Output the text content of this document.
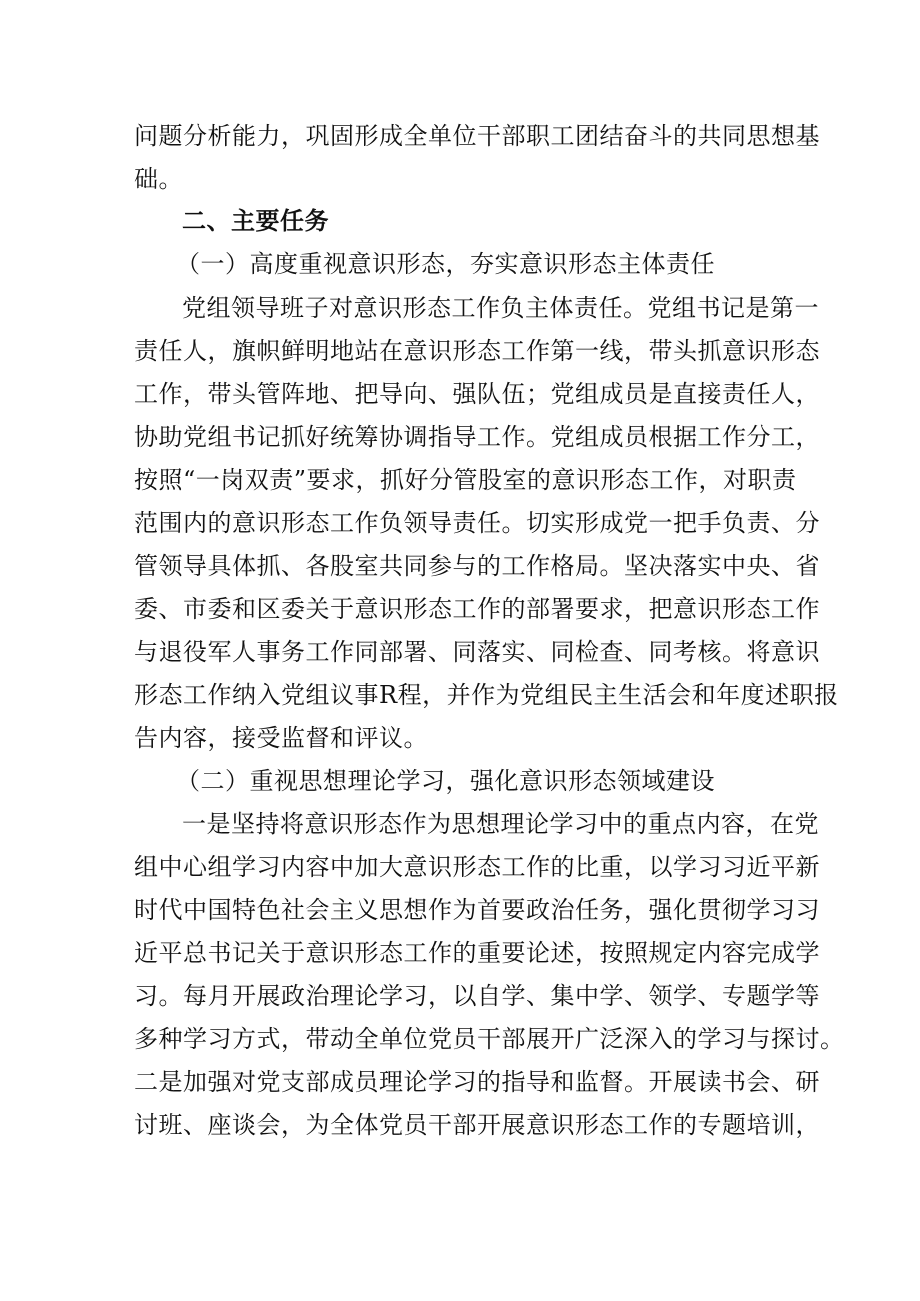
问题分析能力，巩固形成全单位干部职工团结奋斗的共同思想基
础。
二、主要任务
（一）高度重视意识形态，夯实意识形态主体责任
党组领导班子对意识形态工作负主体责任。党组书记是第一
责任人，旗帜鲜明地站在意识形态工作第一线，带头抓意识形态
工作，带头管阵地、把导向、强队伍；党组成员是直接责任人，
协助党组书记抓好统筹协调指导工作。党组成员根据工作分工，
按照“一岗双责”要求，抓好分管股室的意识形态工作，对职责
范围内的意识形态工作负领导责任。切实形成党一把手负责、分
管领导具体抓、各股室共同参与的工作格局。坚决落实中央、省
委、市委和区委关于意识形态工作的部署要求，把意识形态工作
与退役军人事务工作同部署、同落实、同检查、同考核。将意识
形态工作纳入党组议事R程，并作为党组民主生活会和年度述职报
告内容，接受监督和评议。
（二）重视思想理论学习，强化意识形态领域建设
一是坚持将意识形态作为思想理论学习中的重点内容，在党
组中心组学习内容中加大意识形态工作的比重，以学习习近平新
时代中国特色社会主义思想作为首要政治任务，强化贯彻学习习
近平总书记关于意识形态工作的重要论述，按照规定内容完成学
习。每月开展政治理论学习，以自学、集中学、领学、专题学等
多种学习方式，带动全单位党员干部展开广泛深入的学习与探讨。
二是加强对党支部成员理论学习的指导和监督。开展读书会、研
讨班、座谈会，为全体党员干部开展意识形态工作的专题培训，
